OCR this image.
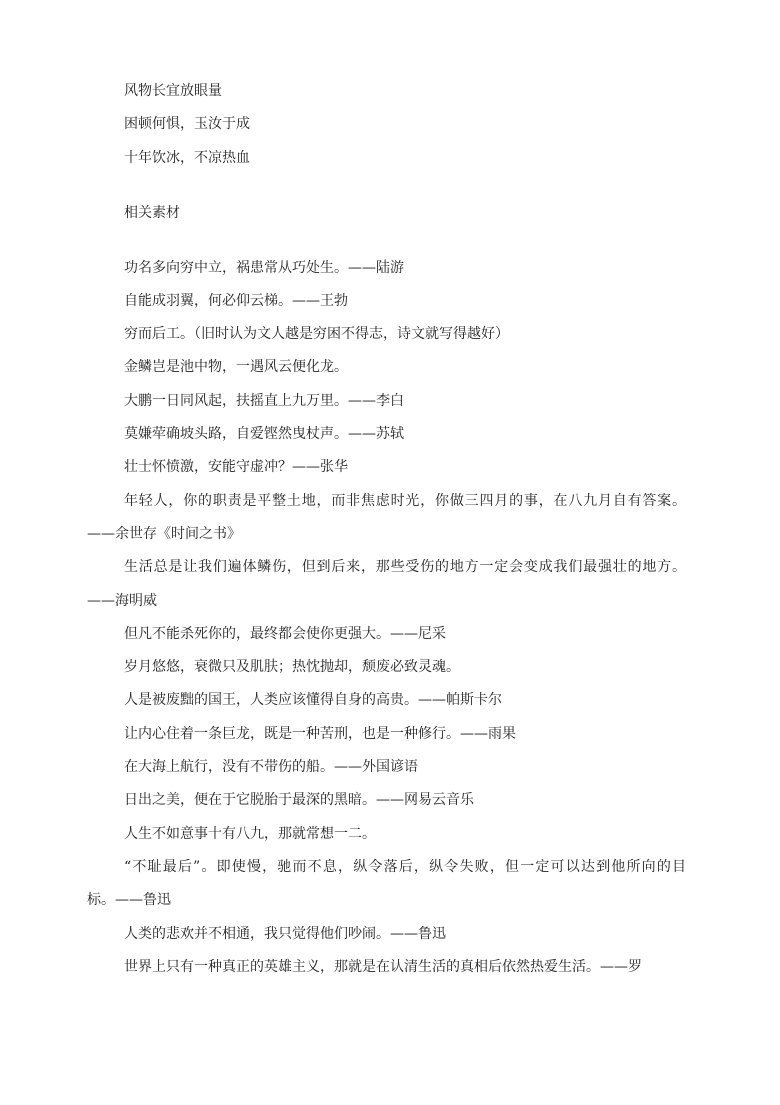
风物长宜放眼量

困顿何惧，玉汝于成

十年饮冰，不凉热血

相关素材

功名多向穷中立，祸患常从巧处生。——陆游

自能成羽翼，何必仰云梯。——王勃

穷而后工。（旧时认为文人越是穷困不得志，诗文就写得越好）

金鳞岂是池中物，一遇风云便化龙。

大鹏一日同风起，扶摇直上九万里。——李白

莫嫌荦确坡头路，自爱铿然曳杖声。——苏轼

壮士怀愤激，安能守虚冲？——张华

年轻人，你的职责是平整土地，而非焦虑时光，你做三四月的事，在八九月自有答案。
——余世存《时间之书》
生活总是让我们遍体鳞伤，但到后来，那些受伤的地方一定会变成我们最强壮的地方。
——海明威

但凡不能杀死你的，最终都会使你更强大。——尼采

岁月悠悠，衰微只及肌肤；热忱抛却，颓废必致灵魂。

人是被废黜的国王，人类应该懂得自身的高贵。——帕斯卡尔

让内心住着一条巨龙，既是一种苦刑，也是一种修行。——雨果

在大海上航行，没有不带伤的船。——外国谚语

日出之美，便在于它脱胎于最深的黑暗。——网易云音乐

人生不如意事十有八九，那就常想一二。

“不耻最后”。即使慢，驰而不息，纵令落后，纵令失败，但一定可以达到他所向的目
标。——鲁迅

人类的悲欢并不相通，我只觉得他们吵闹。——鲁迅

世界上只有一种真正的英雄主义，那就是在认清生活的真相后依然热爱生活。——罗
